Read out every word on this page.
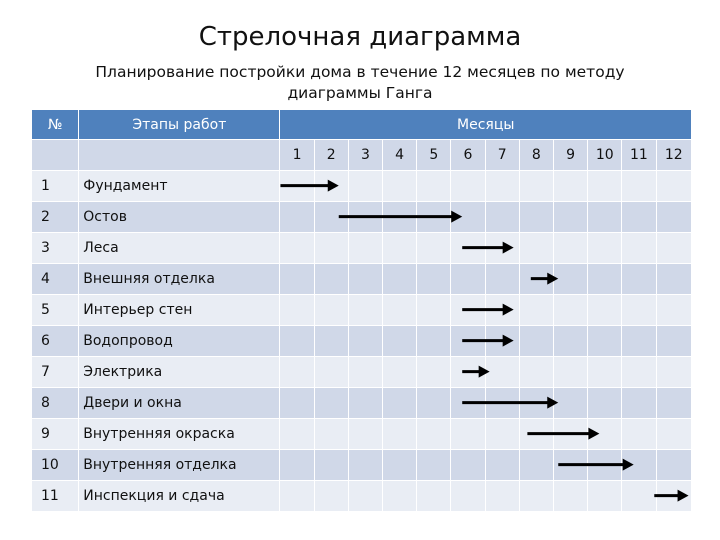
Стрелочная диаграмма
Планирование постройки дома в течение 12 месяцев по методу диаграммы Ганга
№	Этапы работ	Месяцы											
		1	2	3	4	5	6	7	8	9	10	11	12
1	Фундамент												
2	Остов												
3	Леса												
4	Внешняя отделка												
5	Интерьер стен												
6	Водопровод												
7	Электрика												
8	Двери и окна												
9	Внутренняя окраска												
10	Внутренняя отделка												
11	Инспекция и сдача												
